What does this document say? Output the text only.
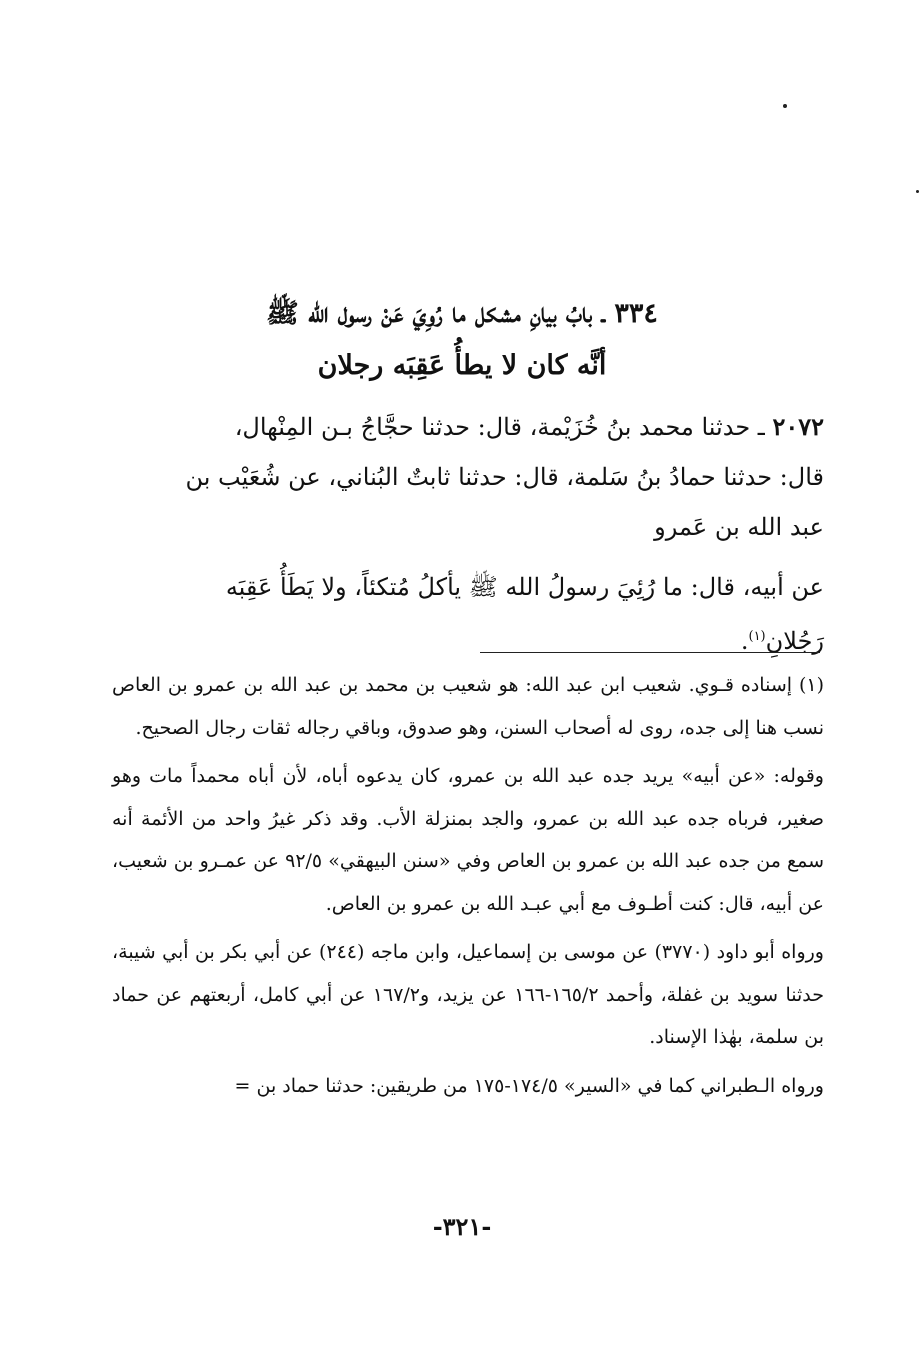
٣٣٤ ـ بابُ بيانِ مشكل ما رُوِيَ عَنْ رسول الله ﷺ
أنَّه كان لا يطأُ عَقِبَه رجلان

٢٠٧٢ ـ حدثنا محمد بنُ خُزَيْمة، قال: حدثنا حجَّاجُ بـن المِنْهال،

قال: حدثنا حمادُ بنُ سَلمة، قال: حدثنا ثابتٌ البُناني، عن شُعَيْب بن

عبد الله بن عَمرو

عن أبيه، قال: ما رُئِيَ رسولُ الله ﷺ يأكلُ مُتكئاً، ولا يَطَأُ عَقِبَه

رَجُلانِ$^{(١)}$.

(١) إسناده قـوي. شعيب ابن عبد الله: هو شعيب بن محمد بن عبد الله بن عمرو بن العاص نسب هنا إلى جده، روى له أصحاب السنن، وهو صدوق، وباقي رجاله ثقات رجال الصحيح.

وقوله: «عن أبيه» يريد جده عبد الله بن عمرو، كان يدعوه أباه، لأن أباه محمداً مات وهو صغير، فرباه جده عبد الله بن عمرو، والجد بمنزلة الأب. وقد ذكر غيرُ واحد من الأئمة أنه سمع من جده عبد الله بن عمرو بن العاص وفي «سنن البيهقي» ٩٢/٥ عن عمـرو بن شعيب، عن أبيه، قال: كنت أطـوف مع أبي عبـد الله بن عمرو بن العاص.

ورواه أبو داود (٣٧٧٠) عن موسى بن إسماعيل، وابن ماجه (٢٤٤) عن أبي بكر بن أبي شيبة، حدثنا سويد بن غفلة، وأحمد ١٦٥/٢-١٦٦ عن يزيد، و١٦٧/٢ عن أبي كامل، أربعتهم عن حماد بن سلمة، بهٰذا الإسناد.

ورواه الـطبراني كما في «السير» ١٧٤/٥-١٧٥ من طريقين: حدثنا حماد بن =

-٣٢١-
